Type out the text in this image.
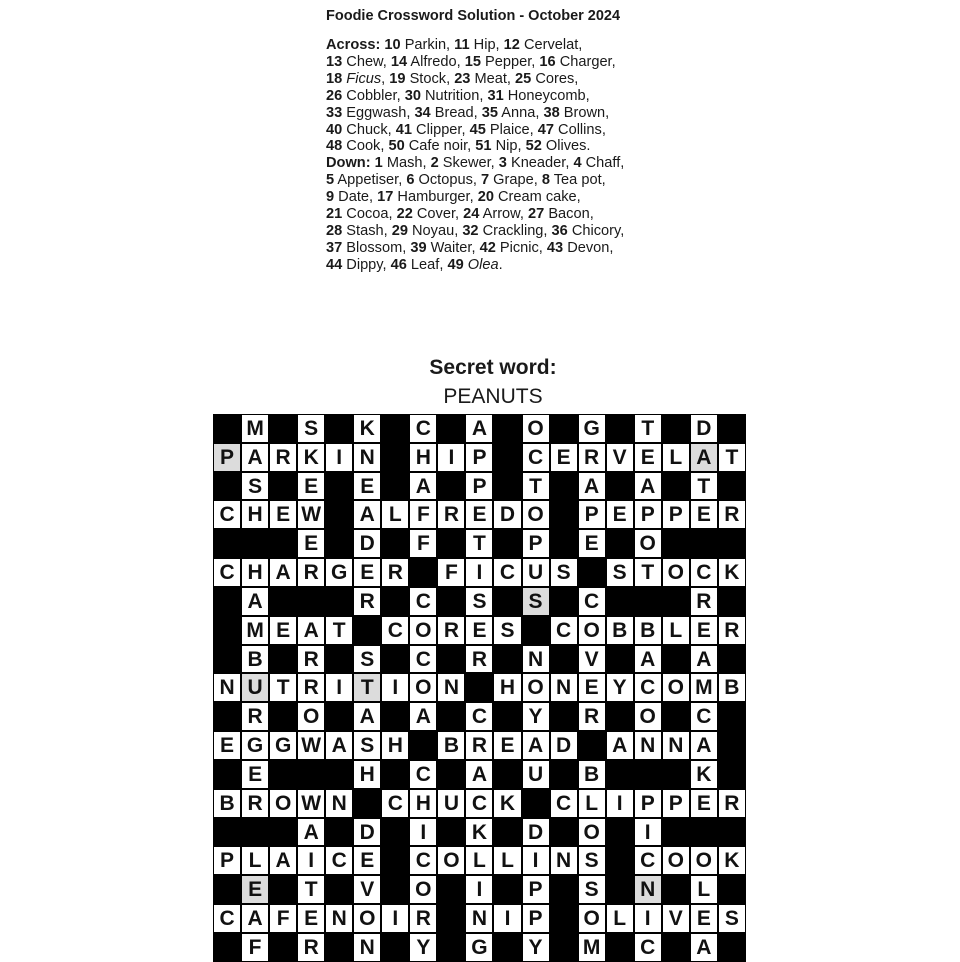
Foodie Crossword Solution - October 2024
Across: 10 Parkin, 11 Hip, 12 Cervelat,
13 Chew, 14 Alfredo, 15 Pepper, 16 Charger,
18 Ficus, 19 Stock, 23 Meat, 25 Cores,
26 Cobbler, 30 Nutrition, 31 Honeycomb,
33 Eggwash, 34 Bread, 35 Anna, 38 Brown,
40 Chuck, 41 Clipper, 45 Plaice, 47 Collins,
48 Cook, 50 Cafe noir, 51 Nip, 52 Olives.
Down: 1 Mash, 2 Skewer, 3 Kneader, 4 Chaff,
5 Appetiser, 6 Octopus, 7 Grape, 8 Tea pot,
9 Date, 17 Hamburger, 20 Cream cake,
21 Cocoa, 22 Cover, 24 Arrow, 27 Bacon,
28 Stash, 29 Noyau, 32 Crackling, 36 Chicory,
37 Blossom, 39 Waiter, 42 Picnic, 43 Devon,
44 Dippy, 46 Leaf, 49 Olea.
Secret word:
PEANUTS
M	S	K	C	A	O G	T	D
P A R K I N	H I P	C E R V E L A T
S	E	E	A	P	T	A	A	T
C H E W	A L F R E D O	P E P P E R
E	D	F	T	P	E	O
C H A R G E R	F I C U S	S T O C K
A	R	C	S	S	C	R
M E A T	C O R E S	C O B B L E R
B	R	S	C	R	N	V	A	A
N U T R I T I O N	H O N E Y C O M B
R	O	A	A	C	Y	R	O	C
E G G W A S H	B R E A D	A N N A
E	H	C	A	U	B	K
B R O W N	C H U C K	C L I P P E R
A	D	I	K	D	O	I
P L A I C E	C O L L I N S	C O O K
E	T	V	O	I	P	S	N	L
C A F E N O I R	N I P	O L I V E S
F	R	N	Y	G	Y	M	C	A
